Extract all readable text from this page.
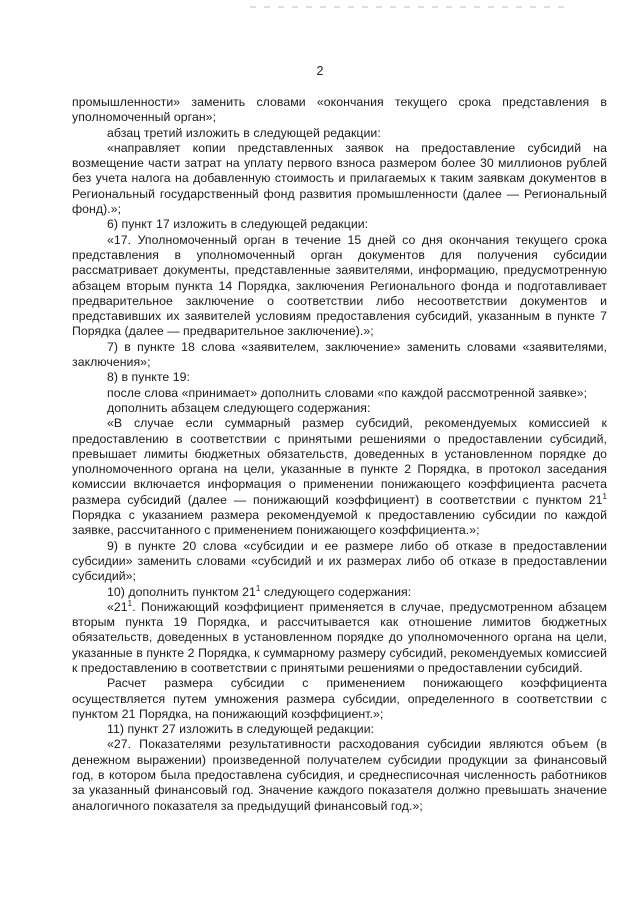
2

промышленности» заменить словами «окончания текущего срока представления в уполномоченный орган»;

абзац третий изложить в следующей редакции:

«направляет копии представленных заявок на предоставление субсидий на возмещение части затрат на уплату первого взноса размером более 30 миллионов рублей без учета налога на добавленную стоимость и прилагаемых к таким заявкам документов в Региональный государственный фонд развития промышленности (далее — Региональный фонд).»;

6) пункт 17 изложить в следующей редакции:

«17. Уполномоченный орган в течение 15 дней со дня окончания текущего срока представления в уполномоченный орган документов для получения субсидии рассматривает документы, представленные заявителями, информацию, предусмотренную абзацем вторым пункта 14 Порядка, заключения Регионального фонда и подготавливает предварительное заключение о соответствии либо несоответствии документов и представивших их заявителей условиям предоставления субсидий, указанным в пункте 7 Порядка (далее — предварительное заключение).»;

7) в пункте 18 слова «заявителем, заключение» заменить словами «заявителями, заключения»;

8) в пункте 19:

после слова «принимает» дополнить словами «по каждой рассмотренной заявке»;

дополнить абзацем следующего содержания:

«В случае если суммарный размер субсидий, рекомендуемых комиссией к предоставлению в соответствии с принятыми решениями о предоставлении субсидий, превышает лимиты бюджетных обязательств, доведенных в установленном порядке до уполномоченного органа на цели, указанные в пункте 2 Порядка, в протокол заседания комиссии включается информация о применении понижающего коэффициента расчета размера субсидий (далее — понижающий коэффициент) в соответствии с пунктом $21^1$ Порядка с указанием размера рекомендуемой к предоставлению субсидии по каждой заявке, рассчитанного с применением понижающего коэффициента.»;

9) в пункте 20 слова «субсидии и ее размере либо об отказе в предоставлении субсидии» заменить словами «субсидий и их размерах либо об отказе в предоставлении субсидий»;

10) дополнить пунктом $21^1$ следующего содержания:

«$21^1$. Понижающий коэффициент применяется в случае, предусмотренном абзацем вторым пункта 19 Порядка, и рассчитывается как отношение лимитов бюджетных обязательств, доведенных в установленном порядке до уполномоченного органа на цели, указанные в пункте 2 Порядка, к суммарному размеру субсидий, рекомендуемых комиссией к предоставлению в соответствии с принятыми решениями о предоставлении субсидий.

Расчет размера субсидии с применением понижающего коэффициента осуществляется путем умножения размера субсидии, определенного в соответствии с пунктом 21 Порядка, на понижающий коэффициент.»;

11) пункт 27 изложить в следующей редакции:

«27. Показателями результативности расходования субсидии являются объем (в денежном выражении) произведенной получателем субсидии продукции за финансовый год, в котором была предоставлена субсидия, и среднесписочная численность работников за указанный финансовый год. Значение каждого показателя должно превышать значение аналогичного показателя за предыдущий финансовый год.»;
